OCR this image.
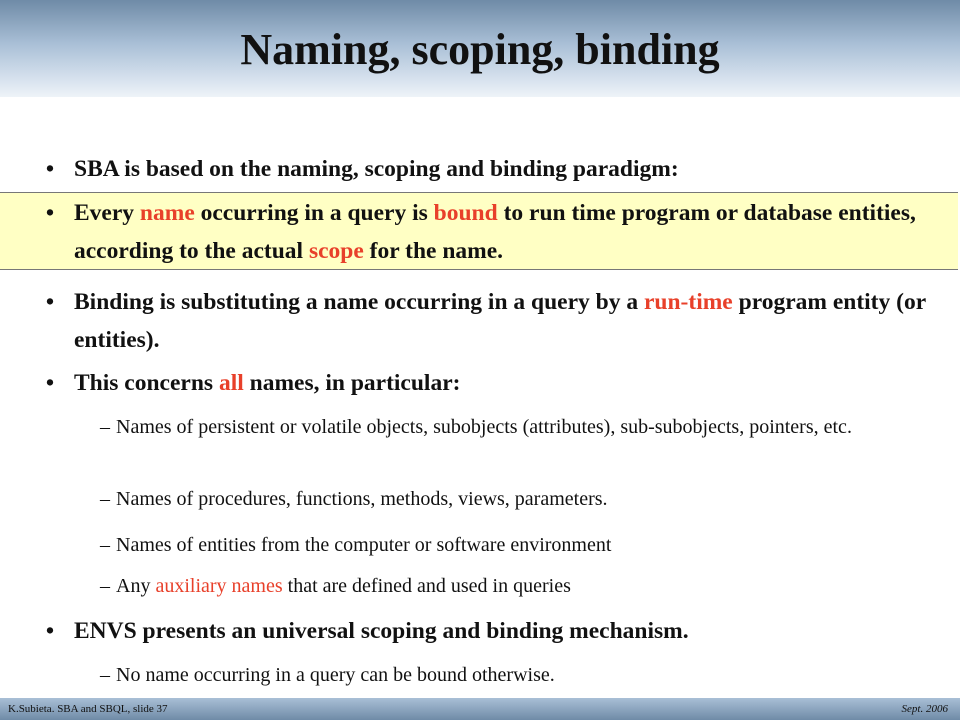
Naming, scoping, binding
• SBA is based on the naming, scoping and binding paradigm:
• Every name occurring in a query is bound to run time program or database entities, according to the actual scope for the name.
• Binding is substituting a name occurring in a query by a run-time program entity (or entities).
• This concerns all names, in particular:
– Names of persistent or volatile objects, subobjects (attributes), sub-subobjects, pointers, etc.
– Names of procedures, functions, methods, views, parameters.
– Names of entities from the computer or software environment
– Any auxiliary names that are defined and used in queries
• ENVS presents an universal scoping and binding mechanism.
– No name occurring in a query can be bound otherwise.
K.Subieta. SBA and SBQL, slide 37	Sept. 2006
